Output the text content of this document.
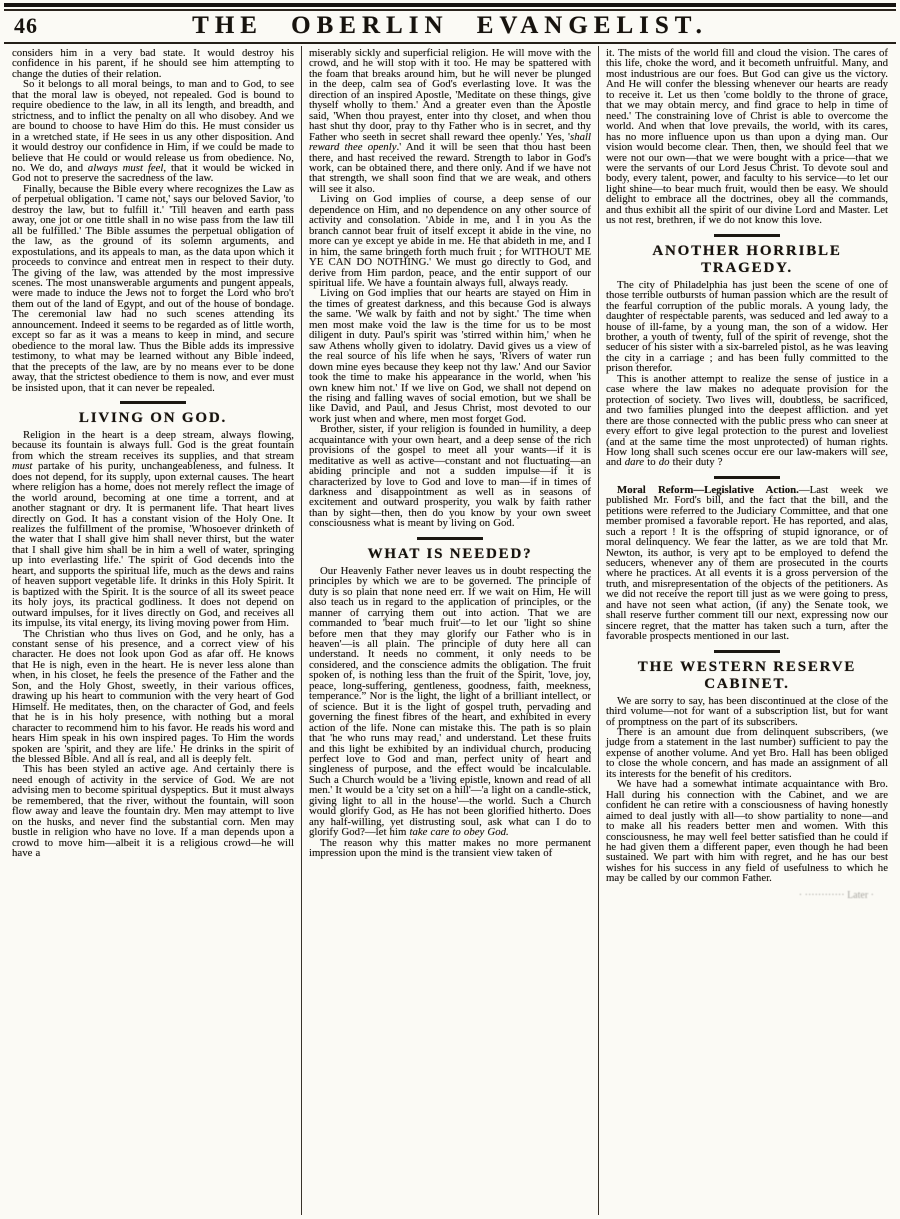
46	THE OBERLIN EVANGELIST.

considers him in a very bad state. It would destroy his confidence in his parent, if he should see him attempting to change the duties of their relation.

So it belongs to all moral beings, to man and to God, to see that the moral law is obeyed, not repealed. God is bound to require obedience to the law, in all its length, and breadth, and strictness, and to inflict the penalty on all who disobey. And we are bound to choose to have Him do this. He must consider us in a wretched state, if He sees in us any other disposition. And it would destroy our confidence in Him, if we could be made to believe that He could or would release us from obedience. No, no. We do, and always must feel, that it would be wicked in God not to preserve the sacredness of the law.

Finally, because the Bible every where recognizes the Law as of perpetual obligation. 'I came not,' says our beloved Savior, 'to destroy the law, but to fulfill it.' 'Till heaven and earth pass away, one jot or one tittle shall in no wise pass from the law till all be fulfilled.' The Bible assumes the perpetual obligation of the law, as the ground of its solemn arguments, and expostulations, and its appeals to man, as the data upon which it proceeds to convince and entreat men in respect to their duty. The giving of the law, was attended by the most impressive scenes. The most unanswerable arguments and pungent appeals, were made to induce the Jews not to forget the Lord who bro't them out of the land of Egypt, and out of the house of bondage. The ceremonial law had no such scenes attending its announcement. Indeed it seems to be regarded as of little worth, except so far as it was a means to keep in mind, and secure obedience to the moral law. Thus the Bible adds its impressive testimony, to what may be learned without any Bible indeed, that the precepts of the law, are by no means ever to be done away, that the strictest obedience to them is now, and ever must be insisted upon, that it can never be repealed.

LIVING ON GOD.

Religion in the heart is a deep stream, always flowing, because its fountain is always full. God is the great fountain from which the stream receives its supplies, and that stream must partake of his purity, unchangeableness, and fulness. It does not depend, for its supply, upon external causes. The heart where religion has a home, does not merely reflect the image of the world around, becoming at one time a torrent, and at another stagnant or dry. It is permanent life. That heart lives directly on God. It has a constant vision of the Holy One. It realizes the fulfillment of the promise, 'Whosoever drinketh of the water that I shall give him shall never thirst, but the water that I shall give him shall be in him a well of water, springing up into everlasting life.' The spirit of God decends into the heart, and supports the spiritual life, much as the dews and rains of heaven support vegetable life. It drinks in this Holy Spirit. It is baptized with the Spirit. It is the source of all its sweet peace its holy joys, its practical godliness. It does not depend on outward impulses, for it lives directly on God, and receives all its impulse, its vital energy, its living moving power from Him.

The Christian who thus lives on God, and he only, has a constant sense of his presence, and a correct view of his character. He does not look upon God as afar off. He knows that He is nigh, even in the heart. He is never less alone than when, in his closet, he feels the presence of the Father and the Son, and the Holy Ghost, sweetly, in their various offices, drawing up his heart to communion with the very heart of God Himself. He meditates, then, on the character of God, and feels that he is in his holy presence, with nothing but a moral character to recommend him to his favor. He reads his word and hears Him speak in his own inspired pages. To Him the words spoken are 'spirit, and they are life.' He drinks in the spirit of the blessed Bible. And all is real, and all is deeply felt.

This has been styled an active age. And certainly there is need enough of activity in the service of God. We are not advising men to become spiritual dyspeptics. But it must always be remembered, that the river, without the fountain, will soon flow away and leave the fountain dry. Men may attempt to live on the husks, and never find the substantial corn. Men may bustle in religion who have no love. If a man depends upon a crowd to move him—albeit it is a religious crowd—he will have a

miserably sickly and superficial religion. He will move with the crowd, and he will stop with it too. He may be spattered with the foam that breaks around him, but he will never be plunged in the deep, calm sea of God's everlasting love. It was the direction of an inspired Apostle, 'Meditate on these things, give thyself wholly to them.' And a greater even than the Apostle said, 'When thou prayest, enter into thy closet, and when thou hast shut thy door, pray to thy Father who is in secret, and thy Father who seeth in secret shall reward thee openly.' Yes, 'shall reward thee openly.' And it will be seen that thou hast been there, and hast received the reward. Strength to labor in God's work, can be obtained there, and there only. And if we have not that strength, we shall soon find that we are weak, and others will see it also.

Living on God implies of course, a deep sense of our dependence on Him, and no dependence on any other source of activity and consolation. 'Abide in me, and I in you As the branch cannot bear fruit of itself except it abide in the vine, no more can ye except ye abide in me. He that abideth in me, and I in him, the same bringeth forth much fruit ; for WITHOUT ME YE CAN DO NOTHING.' We must go directly to God, and derive from Him pardon, peace, and the entir support of our spiritual life. We have a fountain always full, always ready.

Living on God implies that our hearts are stayed on Him in the times of greatest darkness, and this because God is always the same. 'We walk by faith and not by sight.' The time when men most make void the law is the time for us to be most diligent in duty. Paul's spirit was 'stirred within him,' when he saw Athens wholly given to idolatry. David gives us a view of the real source of his life when he says, 'Rivers of water run down mine eyes because they keep not thy law.' And our Savior took the time to make his appearance in the world, when 'his own knew him not.' If we live on God, we shall not depend on the rising and falling waves of social emotion, but we shall be like David, and Paul, and Jesus Christ, most devoted to our work just when and where, men most forget God.

Brother, sister, if your religion is founded in humility, a deep acquaintance with your own heart, and a deep sense of the rich provisions of the gospel to meet all your wants—if it is meditative as well as active—constant and not fluctuating—an abiding principle and not a sudden impulse—if it is characterized by love to God and love to man—if in times of darkness and disappointment as well as in seasons of excitement and outward prosperity, you walk by faith rather than by sight—then, then do you know by your own sweet consciousness what is meant by living on God.

WHAT IS NEEDED?

Our Heavenly Father never leaves us in doubt respecting the principles by which we are to be governed. The principle of duty is so plain that none need err. If we wait on Him, He will also teach us in regard to the application of principles, or the manner of carrying them out into action. That we are commanded to 'bear much fruit'—to let our 'light so shine before men that they may glorify our Father who is in heaven'—is all plain. The principle of duty here all can understand. It needs no comment, it only needs to be considered, and the conscience admits the obligation. The fruit spoken of, is nothing less than the fruit of the Spirit, 'love, joy, peace, long-suffering, gentleness, goodness, faith, meekness, temperance.” Nor is the light, the light of a brilliant intellect, or of science. But it is the light of gospel truth, pervading and governing the finest fibres of the heart, and exhibited in every action of the life. None can mistake this. The path is so plain that 'he who runs may read,' and understand. Let these fruits and this light be exhibited by an individual church, producing perfect love to God and man, perfect unity of heart and singleness of purpose, and the effect would be incalculable. Such a Church would be a 'living epistle, known and read of all men.' It would be a 'city set on a hill'—'a light on a candle-stick, giving light to all in the house'—the world. Such a Church would glorify God, as He has not been glorified hitherto. Does any half-willing, yet distrusting soul, ask what can I do to glorify God?—let him take care to obey God.

The reason why this matter makes no more permanent impression upon the mind is the transient view taken of

it. The mists of the world fill and cloud the vision. The cares of this life, choke the word, and it becometh unfruitful. Many, and most industrious are our foes. But God can give us the victory. And He will confer the blessing whenever our hearts are ready to receive it. Let us then 'come boldly to the throne of grace, that we may obtain mercy, and find grace to help in time of need.' The constraining love of Christ is able to overcome the world. And when that love prevails, the world, with its cares, has no more influence upon us than upon a dying man. Our vision would become clear. Then, then, we should feel that we were not our own—that we were bought with a price—that we were the servants of our Lord Jesus Christ. To devote soul and body, every talent, power, and faculty to his service—to let our light shine—to bear much fruit, would then be easy. We should delight to embrace all the doctrines, obey all the commands, and thus exhibit all the spirit of our divine Lord and Master. Let us not rest, brethren, if we do not know this love.

ANOTHER HORRIBLE TRAGEDY.

The city of Philadelphia has just been the scene of one of those terrible outbursts of human passion which are the result of the fearful corruption of the public morals. A young lady, the daughter of respectable parents, was seduced and led away to a house of ill-fame, by a young man, the son of a widow. Her brother, a youth of twenty, full of the spirit of revenge, shot the seducer of his sister with a six-barreled pistol, as he was leaving the city in a carriage ; and has been fully committed to the prison therefor.

This is another attempt to realize the sense of justice in a case where the law makes no adequate provision for the protection of society. Two lives will, doubtless, be sacrificed, and two families plunged into the deepest affliction. and yet there are those connected with the public press who can sneer at every effort to give legal protection to the purest and loveliest (and at the same time the most unprotected) of human rights. How long shall such scenes occur ere our law-makers will see, and dare to do their duty ?

Moral Reform—Legislative Action.—Last week we published Mr. Ford's bill, and the fact that the bill, and the petitions were referred to the Judiciary Committee, and that one member promised a favorable report. He has reported, and alas, such a report ! It is the offspring of stupid ignorance, or of moral delinquency. We fear the latter, as we are told that Mr. Newton, its author, is very apt to be employed to defend the seducers, whenever any of them are prosecuted in the courts where he practices. At all events it is a gross perversion of the truth, and misrepresentation of the objects of the petitioners. As we did not receive the report till just as we were going to press, and have not seen what action, (if any) the Senate took, we shall reserve further comment till our next, expressing now our sincere regret, that the matter has taken such a turn, after the favorable prospects mentioned in our last.

THE WESTERN RESERVE CABINET.

We are sorry to say, has been discontinued at the close of the third volume—not for want of a subscription list, but for want of promptness on the part of its subscribers.

There is an amount due from delinquent subscribers, (we judge from a statement in the last number) sufficient to pay the expense of another volume. And yet Bro. Hall has been obliged to close the whole concern, and has made an assignment of all its interests for the benefit of his creditors.

We have had a somewhat intimate acquaintance with Bro. Hall during his connection with the Cabinet, and we are confident he can retire with a consciousness of having honestly aimed to deal justly with all—to show partiality to none—and to make all his readers better men and women. With this consciousness, he may well feel better satisfied than he could if he had given them a different paper, even though he had been sustained. We part with him with regret, and he has our best wishes for his success in any field of usefulness to which he may be called by our common Father.

· ············ Later ·
